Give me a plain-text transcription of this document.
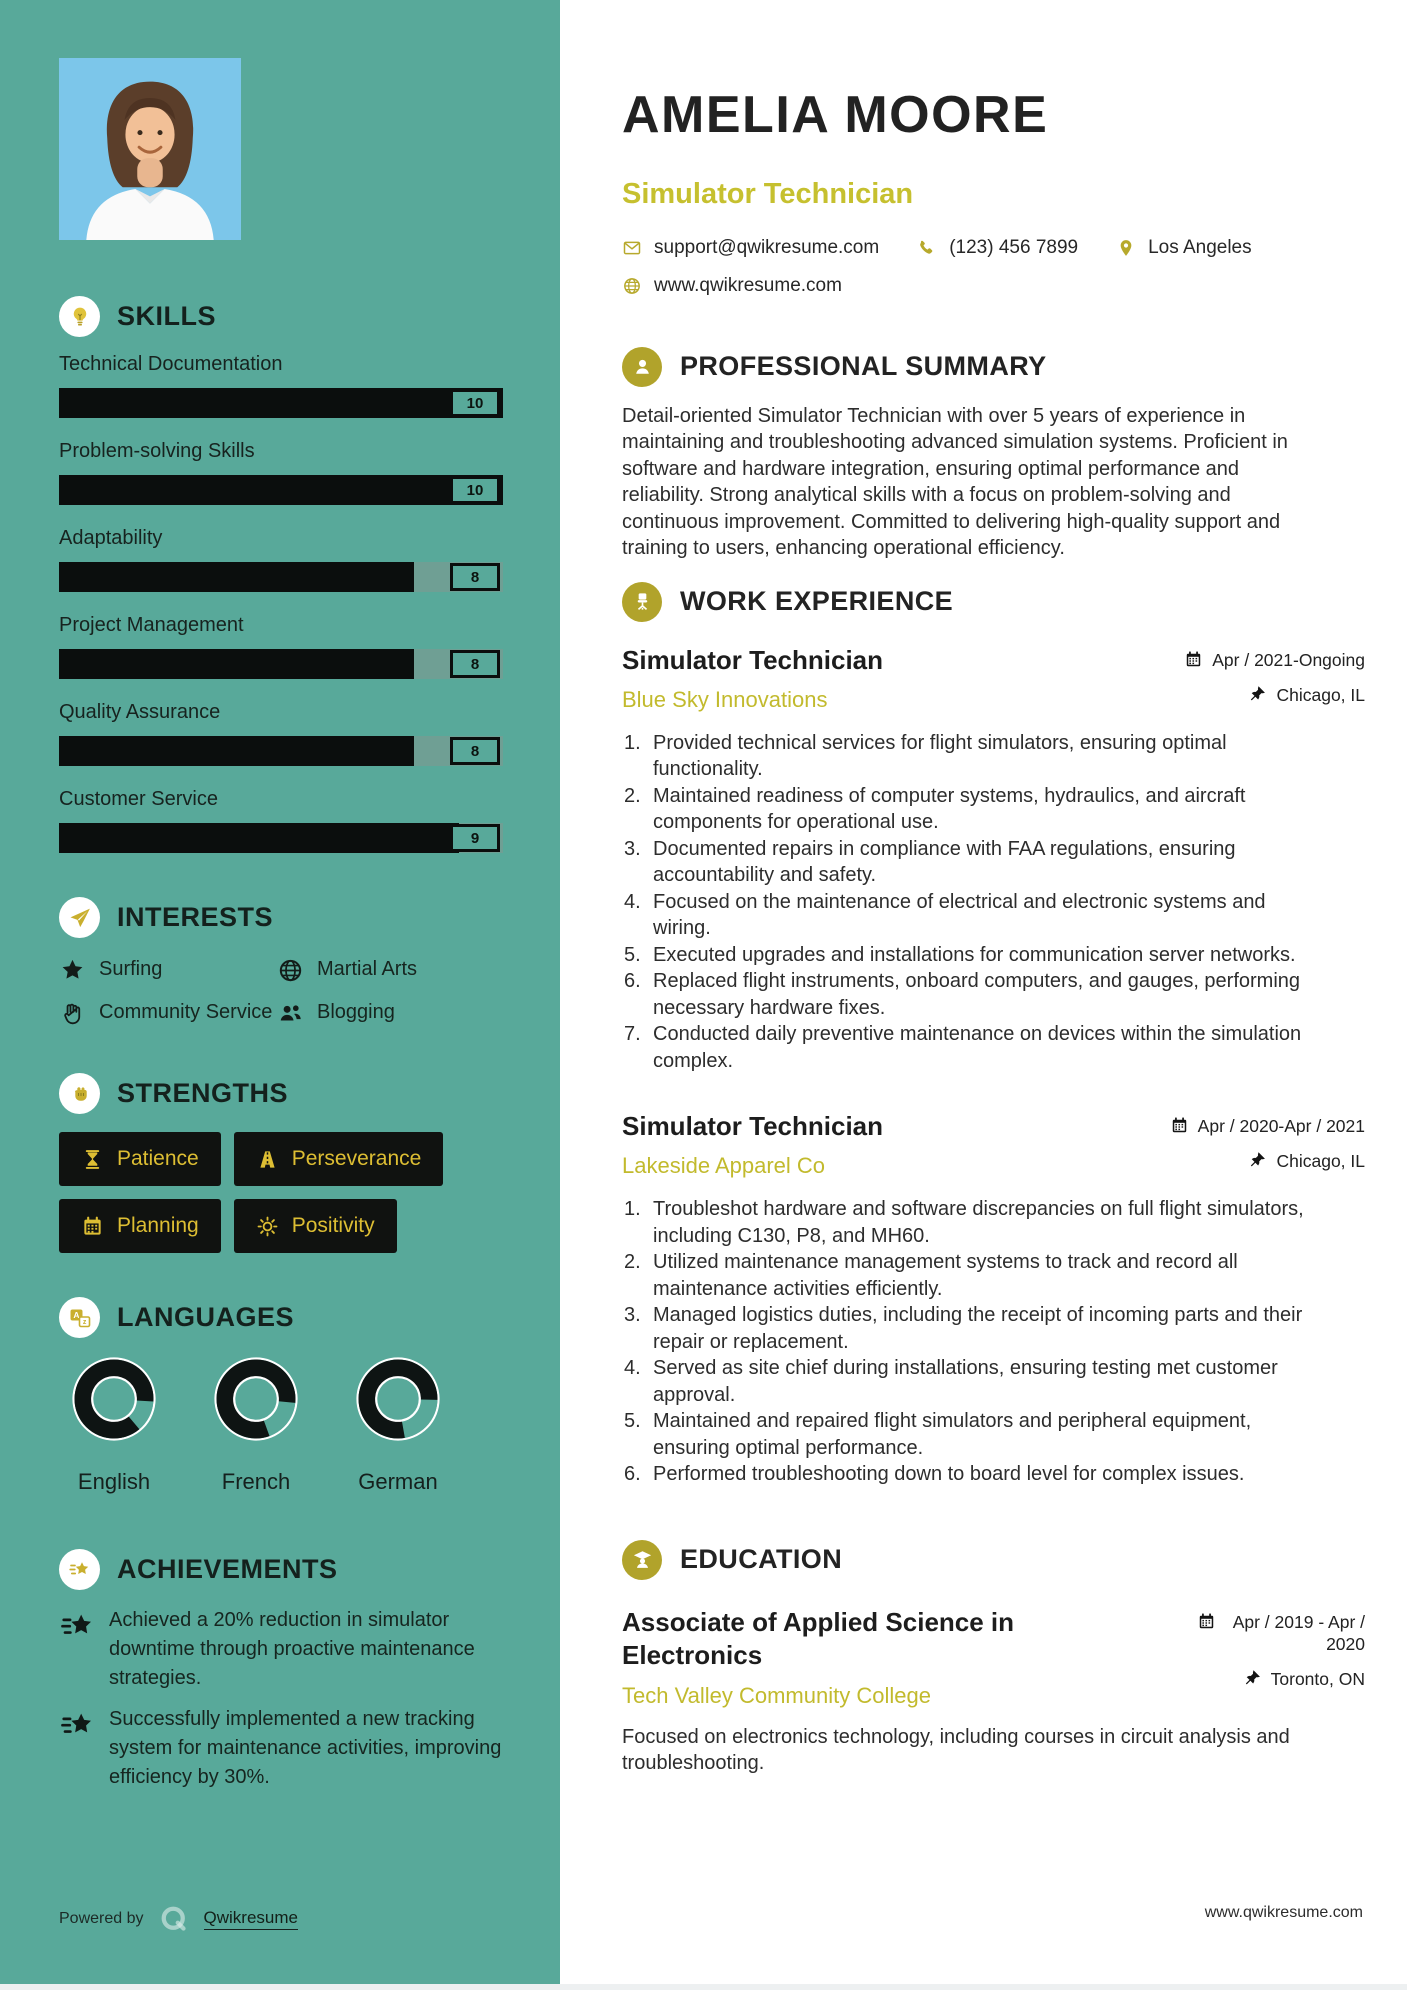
SKILLS
Technical Documentation
10
Problem-solving Skills
10
Adaptability
8
Project Management
8
Quality Assurance
8
Customer Service
9
INTERESTS
Surfing	Martial Arts
Community Service Blogging
STRENGTHS
Patience	Perseverance
Planning	Positivity
A
z LANGUAGES
English	French	German
ACHIEVEMENTS
Achieved a 20% reduction in simulator downtime through proactive maintenance strategies.
Successfully implemented a new tracking system for maintenance activities, improving efficiency by 30%.
Powered by	Qwikresume
AMELIA MOORE
Simulator Technician
support@qwikresume.com	(123) 456 7899	Los Angeles
www.qwikresume.com
PROFESSIONAL SUMMARY

Detail-oriented Simulator Technician with over 5 years of experience in maintaining and troubleshooting advanced simulation systems. Proficient in software and hardware integration, ensuring optimal performance and reliability. Strong analytical skills with a focus on problem-solving and continuous improvement. Committed to delivering high-quality support and training to users, enhancing operational efficiency.

WORK EXPERIENCE
Simulator Technician
Blue Sky Innovations
Apr / 2021-Ongoing
Chicago, IL
Provided technical services for flight simulators, ensuring optimal functionality.
Maintained readiness of computer systems, hydraulics, and aircraft components for operational use.
Documented repairs in compliance with FAA regulations, ensuring accountability and safety.
Focused on the maintenance of electrical and electronic systems and wiring.
Executed upgrades and installations for communication server networks.
Replaced flight instruments, onboard computers, and gauges, performing necessary hardware fixes.
Conducted daily preventive maintenance on devices within the simulation complex.
Simulator Technician
Lakeside Apparel Co
Apr / 2020-Apr / 2021
Chicago, IL
Troubleshot hardware and software discrepancies on full flight simulators, including C130, P8, and MH60.
Utilized maintenance management systems to track and record all maintenance activities efficiently.
Managed logistics duties, including the receipt of incoming parts and their repair or replacement.
Served as site chief during installations, ensuring testing met customer approval.
Maintained and repaired flight simulators and peripheral equipment, ensuring optimal performance.
Performed troubleshooting down to board level for complex issues.
EDUCATION
Associate of Applied Science in Electronics
Tech Valley Community College
Apr / 2019 - Apr / 2020
Toronto, ON

Focused on electronics technology, including courses in circuit analysis and troubleshooting.

www.qwikresume.com
